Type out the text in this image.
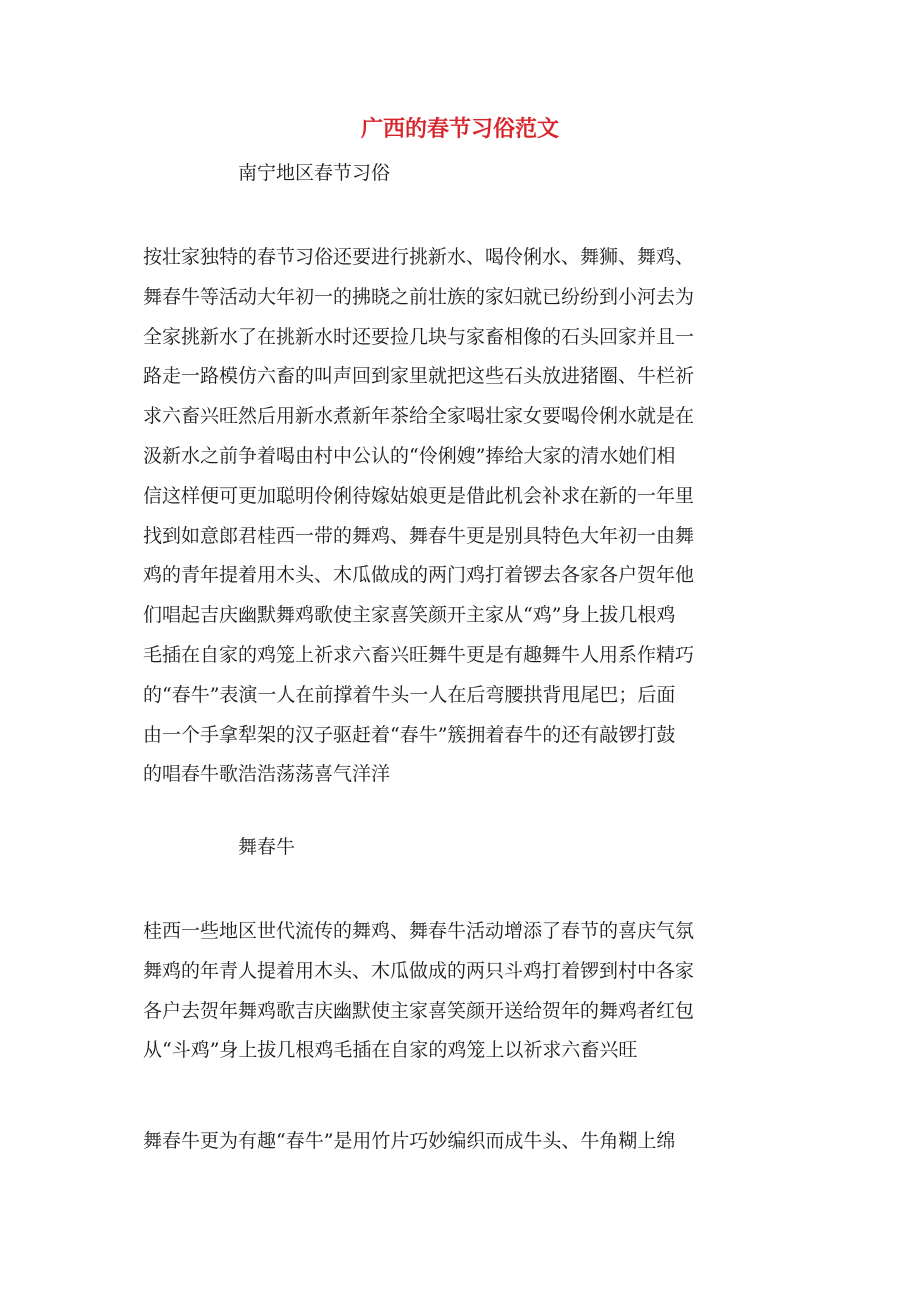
广西的春节习俗范文

南宁地区春节习俗

按壮家独特的春节习俗还要进行挑新水、喝伶俐水、舞狮、舞鸡、
舞春牛等活动大年初一的拂晓之前壮族的家妇就已纷纷到小河去为
全家挑新水了在挑新水时还要捡几块与家畜相像的石头回家并且一
路走一路模仿六畜的叫声回到家里就把这些石头放进猪圈、牛栏祈
求六畜兴旺然后用新水煮新年茶给全家喝壮家女要喝伶俐水就是在
汲新水之前争着喝由村中公认的“伶俐嫂”捧给大家的清水她们相
信这样便可更加聪明伶俐待嫁姑娘更是借此机会补求在新的一年里
找到如意郎君桂西一带的舞鸡、舞春牛更是别具特色大年初一由舞
鸡的青年提着用木头、木瓜做成的两门鸡打着锣去各家各户贺年他
们唱起吉庆幽默舞鸡歌使主家喜笑颜开主家从“鸡”身上拔几根鸡
毛插在自家的鸡笼上祈求六畜兴旺舞牛更是有趣舞牛人用系作精巧
的“春牛”表演一人在前撑着牛头一人在后弯腰拱背甩尾巴；后面
由一个手拿犁架的汉子驱赶着“春牛”簇拥着春牛的还有敲锣打鼓
的唱春牛歌浩浩荡荡喜气洋洋

舞春牛

桂西一些地区世代流传的舞鸡、舞春牛活动增添了春节的喜庆气氛
舞鸡的年青人提着用木头、木瓜做成的两只斗鸡打着锣到村中各家
各户去贺年舞鸡歌吉庆幽默使主家喜笑颜开送给贺年的舞鸡者红包
从“斗鸡”身上拔几根鸡毛插在自家的鸡笼上以祈求六畜兴旺

舞春牛更为有趣“春牛”是用竹片巧妙编织而成牛头、牛角糊上绵
